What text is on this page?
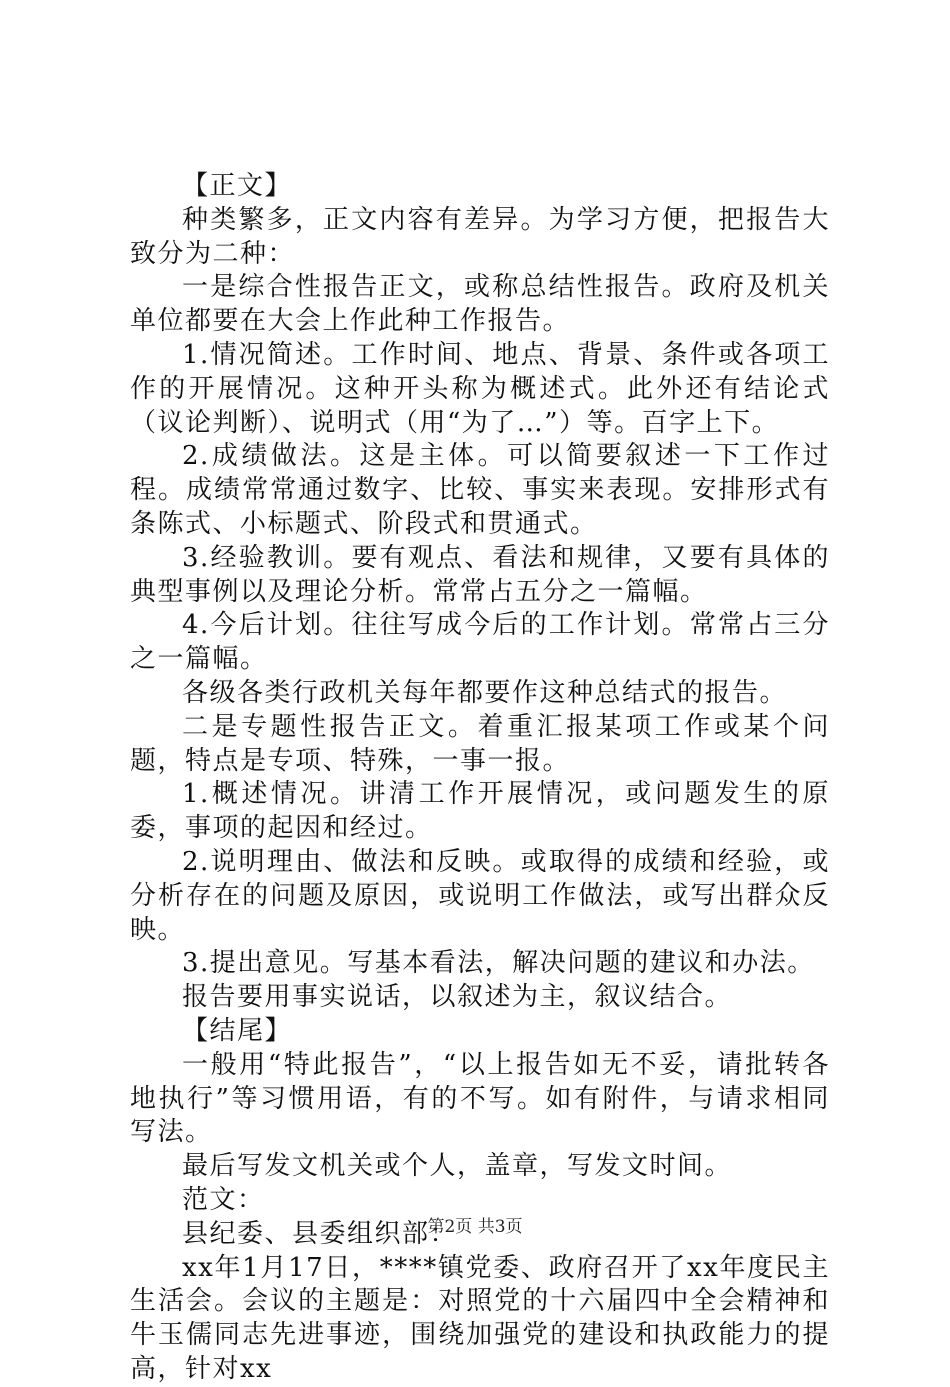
【正文】

种类繁多，正文内容有差异。为学习方便，把报告大致分为二种：

一是综合性报告正文，或称总结性报告。政府及机关单位都要在大会上作此种工作报告。

1.情况简述。工作时间、地点、背景、条件或各项工作的开展情况。这种开头称为概述式。此外还有结论式（议论判断）、说明式（用“为了…”）等。百字上下。

2.成绩做法。这是主体。可以简要叙述一下工作过程。成绩常常通过数字、比较、事实来表现。安排形式有条陈式、小标题式、阶段式和贯通式。

3.经验教训。要有观点、看法和规律，又要有具体的典型事例以及理论分析。常常占五分之一篇幅。

4.今后计划。往往写成今后的工作计划。常常占三分之一篇幅。

各级各类行政机关每年都要作这种总结式的报告。

二是专题性报告正文。着重汇报某项工作或某个问题，特点是专项、特殊，一事一报。

1.概述情况。讲清工作开展情况，或问题发生的原委，事项的起因和经过。

2.说明理由、做法和反映。或取得的成绩和经验，或分析存在的问题及原因，或说明工作做法，或写出群众反映。

3.提出意见。写基本看法，解决问题的建议和办法。

报告要用事实说话，以叙述为主，叙议结合。

【结尾】

一般用“特此报告”，“以上报告如无不妥，请批转各地执行”等习惯用语，有的不写。如有附件，与请求相同写法。

最后写发文机关或个人，盖章，写发文时间。

范文：

县纪委、县委组织部：

xx年1月17日，****镇党委、政府召开了xx年度民主生活会。会议的主题是：对照党的十六届四中全会精神和牛玉儒同志先进事迹，围绕加强党的建设和执政能力的提高，针对xx

第2页 共3页
